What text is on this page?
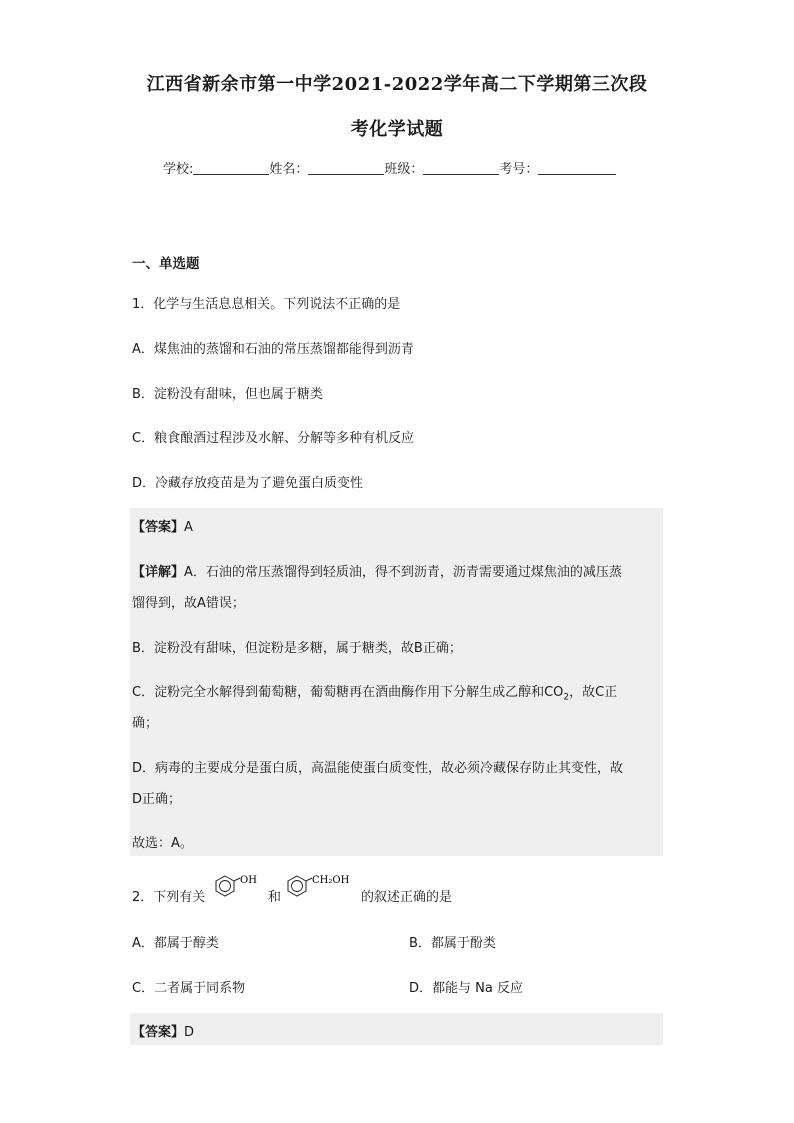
江西省新余市第一中学2021-2022学年高二下学期第三次段
考化学试题
学校:	姓名：	班级：	考号：
一、单选题
1．化学与生活息息相关。下列说法不正确的是
A．煤焦油的蒸馏和石油的常压蒸馏都能得到沥青
B．淀粉没有甜味，但也属于糖类
C．粮食酿酒过程涉及水解、分解等多种有机反应
D．冷藏存放疫苗是为了避免蛋白质变性
【答案】A
【详解】A．石油的常压蒸馏得到轻质油，得不到沥青，沥青需要通过煤焦油的减压蒸
馏得到，故A错误；
B．淀粉没有甜味，但淀粉是多糖，属于糖类，故B正确；
C．淀粉完全水解得到葡萄糖，葡萄糖再在酒曲酶作用下分解生成乙醇和$CO_2$，故C正
确；
D．病毒的主要成分是蛋白质，高温能使蛋白质变性，故必须冷藏保存防止其变性，故
D正确；
故选：A。
2．下列有关
OH
和
CH₂OH
的叙述正确的是
A．都属于醇类	B．都属于酚类
C．二者属于同系物	D．都能与 Na 反应
【答案】D
